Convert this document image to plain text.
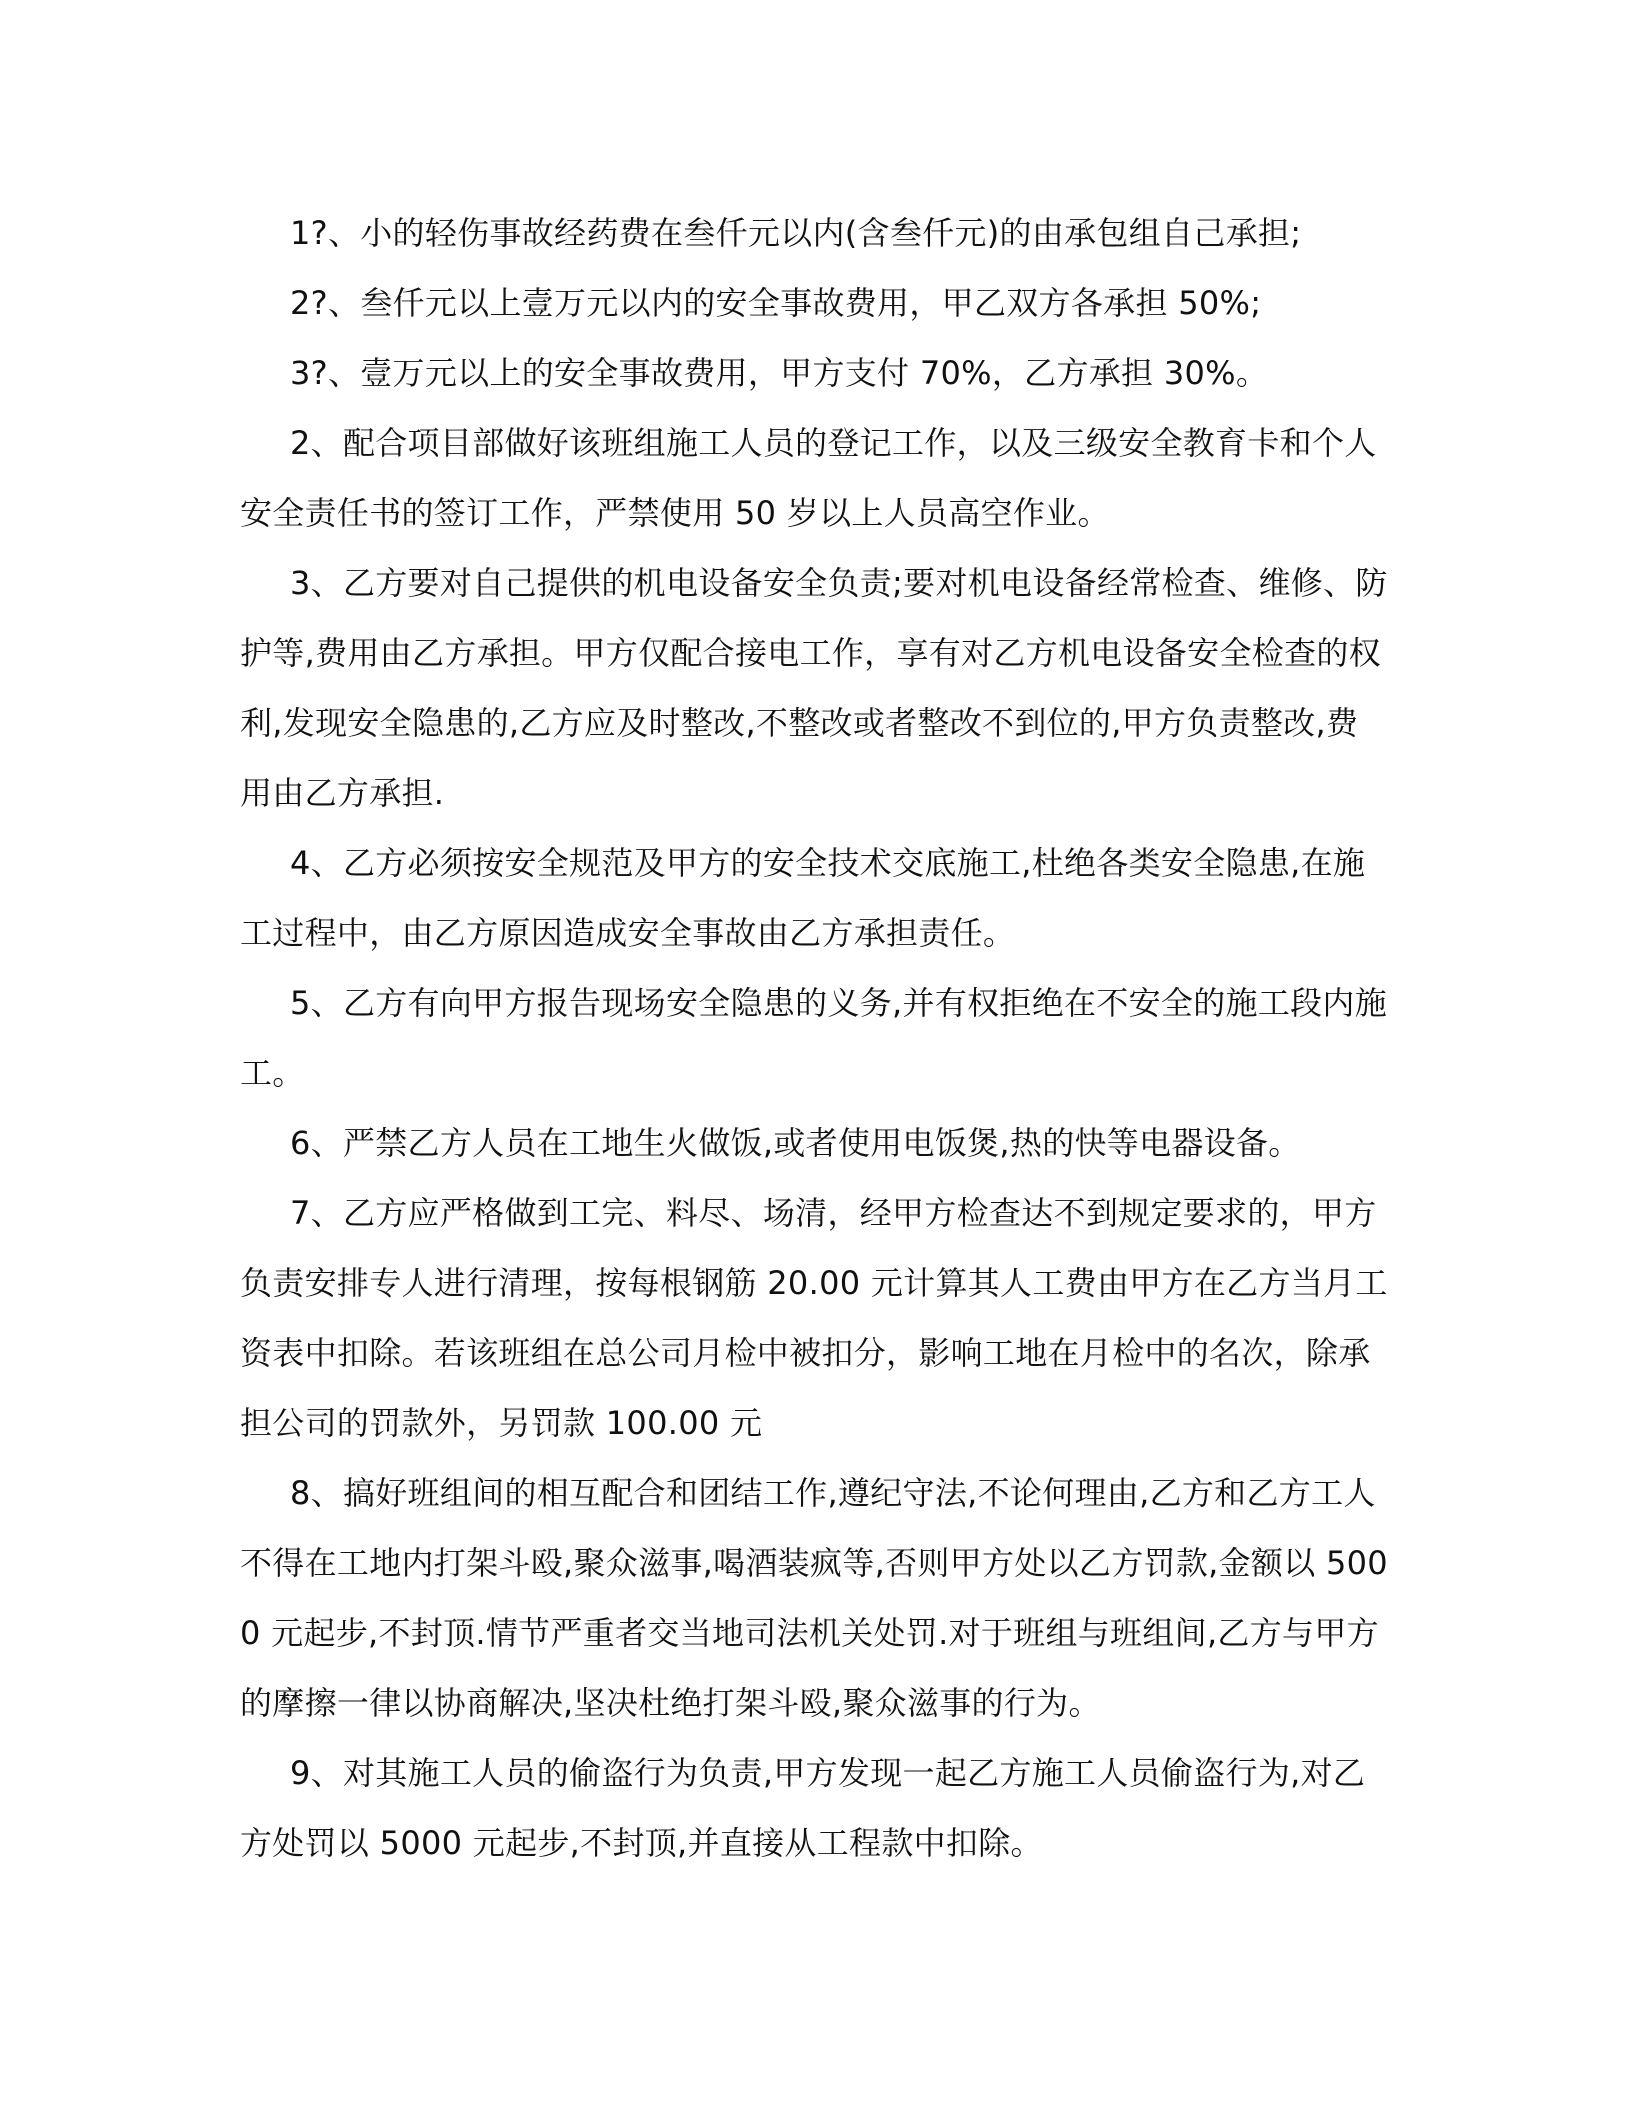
1?、小的轻伤事故经药费在叁仟元以内(含叁仟元)的由承包组自己承担;

2?、叁仟元以上壹万元以内的安全事故费用，甲乙双方各承担 50%;

3?、壹万元以上的安全事故费用，甲方支付 70%，乙方承担 30%。

2、配合项目部做好该班组施工人员的登记工作，以及三级安全教育卡和个人安全责任书的签订工作，严禁使用 50 岁以上人员高空作业。

3、乙方要对自己提供的机电设备安全负责;要对机电设备经常检查、维修、防护等,费用由乙方承担。甲方仅配合接电工作，享有对乙方机电设备安全检查的权利,发现安全隐患的,乙方应及时整改,不整改或者整改不到位的,甲方负责整改,费用由乙方承担.

4、乙方必须按安全规范及甲方的安全技术交底施工,杜绝各类安全隐患,在施工过程中，由乙方原因造成安全事故由乙方承担责任。

5、乙方有向甲方报告现场安全隐患的义务,并有权拒绝在不安全的施工段内施工。

6、严禁乙方人员在工地生火做饭,或者使用电饭煲,热的快等电器设备。

7、乙方应严格做到工完、料尽、场清，经甲方检查达不到规定要求的，甲方负责安排专人进行清理，按每根钢筋 20.00 元计算其人工费由甲方在乙方当月工资表中扣除。若该班组在总公司月检中被扣分，影响工地在月检中的名次，除承担公司的罚款外，另罚款 100.00 元

8、搞好班组间的相互配合和团结工作,遵纪守法,不论何理由,乙方和乙方工人不得在工地内打架斗殴,聚众滋事,喝酒装疯等,否则甲方处以乙方罚款,金额以 5000 元起步,不封顶.情节严重者交当地司法机关处罚.对于班组与班组间,乙方与甲方的摩擦一律以协商解决,坚决杜绝打架斗殴,聚众滋事的行为。

9、对其施工人员的偷盗行为负责,甲方发现一起乙方施工人员偷盗行为,对乙方处罚以 5000 元起步,不封顶,并直接从工程款中扣除。
